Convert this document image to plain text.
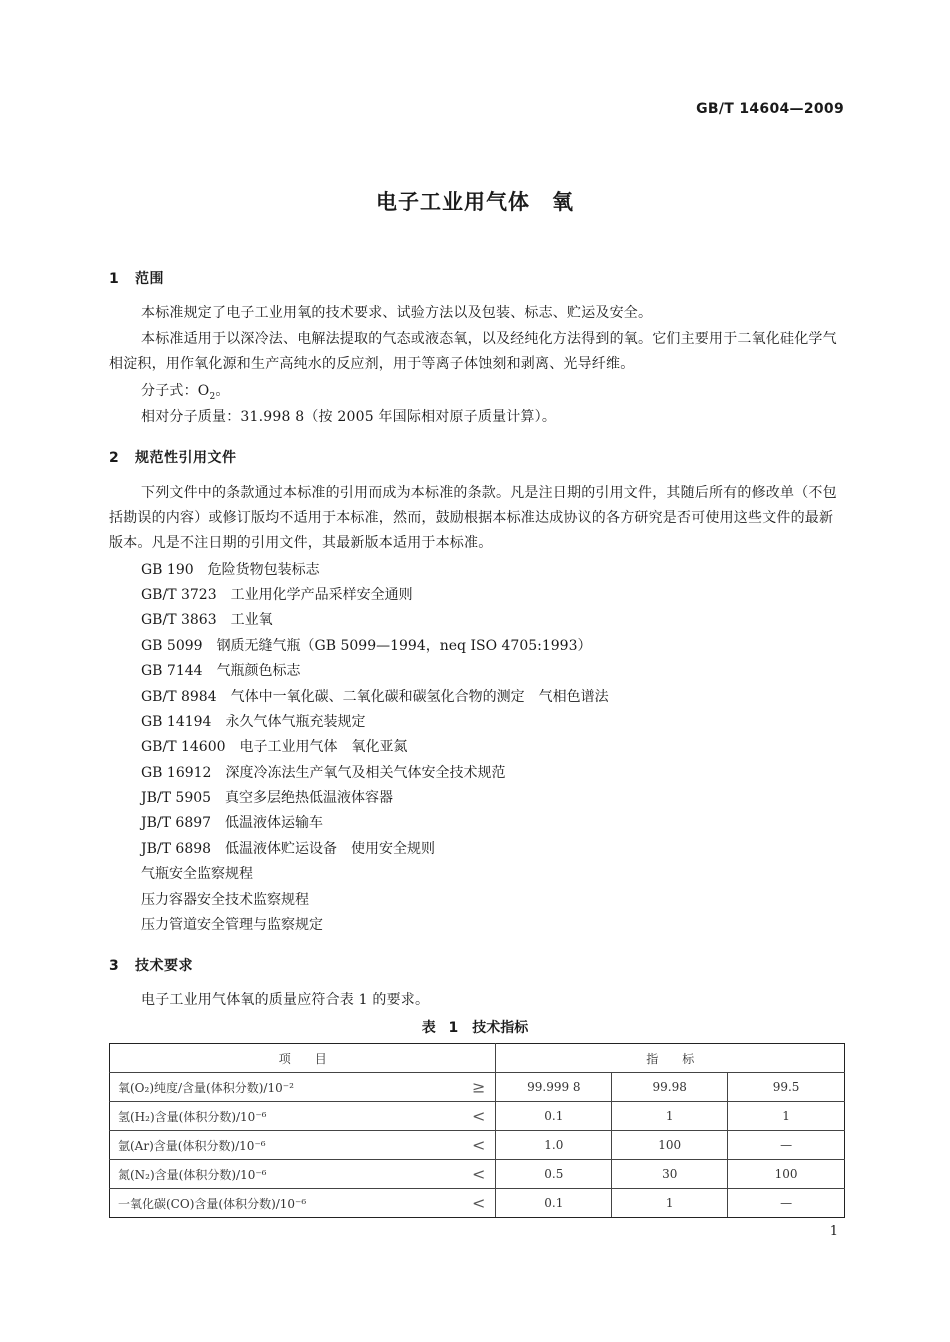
GB/T 14604—2009
电子工业用气体　氧
1 范围

本标准规定了电子工业用氧的技术要求、试验方法以及包装、标志、贮运及安全。

本标准适用于以深冷法、电解法提取的气态或液态氧，以及经纯化方法得到的氧。它们主要用于二氧化硅化学气相淀积，用作氧化源和生产高纯水的反应剂，用于等离子体蚀刻和剥离、光导纤维。

分子式：$O_2$。

相对分子质量：31.998 8（按 2005 年国际相对原子质量计算）。

2 规范性引用文件

下列文件中的条款通过本标准的引用而成为本标准的条款。凡是注日期的引用文件，其随后所有的修改单（不包括勘误的内容）或修订版均不适用于本标准，然而，鼓励根据本标准达成协议的各方研究是否可使用这些文件的最新版本。凡是不注日期的引用文件，其最新版本适用于本标准。

GB 190 危险货物包装标志

GB/T 3723 工业用化学产品采样安全通则

GB/T 3863 工业氧

GB 5099 钢质无缝气瓶（GB 5099—1994，neq ISO 4705:1993）

GB 7144 气瓶颜色标志

GB/T 8984 气体中一氧化碳、二氧化碳和碳氢化合物的测定　气相色谱法

GB 14194 永久气体气瓶充装规定

GB/T 14600 电子工业用气体　氧化亚氮

GB 16912 深度冷冻法生产氧气及相关气体安全技术规范

JB/T 5905 真空多层绝热低温液体容器

JB/T 6897 低温液体运输车

JB/T 6898 低温液体贮运设备　使用安全规则

气瓶安全监察规程

压力容器安全技术监察规程

压力管道安全管理与监察规定

3 技术要求

电子工业用气体氧的质量应符合表 1 的要求。

表 1　技术指标
项　　目	指　　标		
氧(O₂)纯度/含量(体积分数)/10⁻² ≥	99.999 8	99.98	99.5
氢(H₂)含量(体积分数)/10⁻⁶ <	0.1	1	1
氩(Ar)含量(体积分数)/10⁻⁶ <	1.0	100	—
氮(N₂)含量(体积分数)/10⁻⁶ <	0.5	30	100
一氧化碳(CO)含量(体积分数)/10⁻⁶ <	0.1	1	—
1
